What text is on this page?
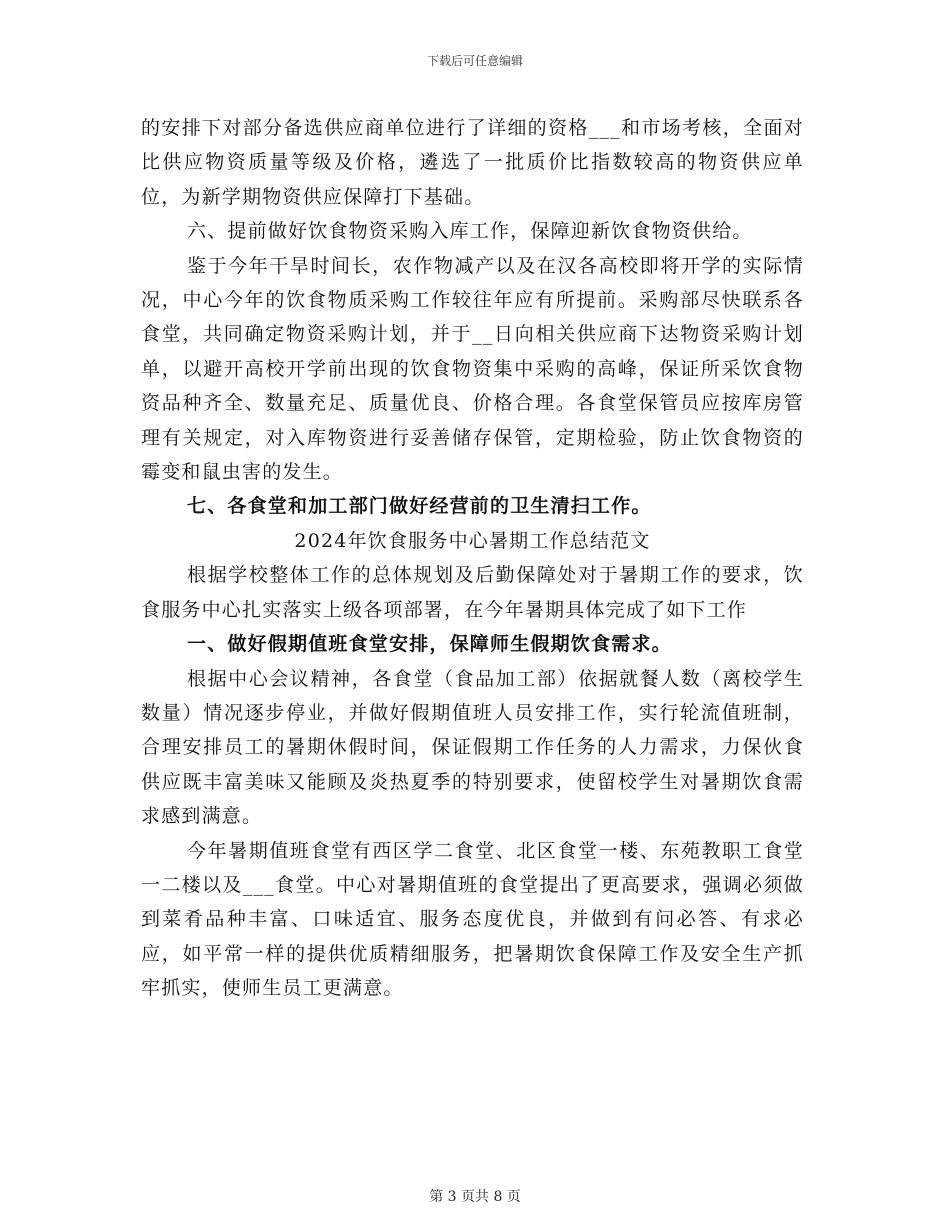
下载后可任意编辑

的安排下对部分备选供应商单位进行了详细的资格___和市场考核，全面对比供应物资质量等级及价格，遴选了一批质价比指数较高的物资供应单位，为新学期物资供应保障打下基础。

六、提前做好饮食物资采购入库工作，保障迎新饮食物资供给。

鉴于今年干旱时间长，农作物减产以及在汉各高校即将开学的实际情况，中心今年的饮食物质采购工作较往年应有所提前。采购部尽快联系各食堂，共同确定物资采购计划，并于__日向相关供应商下达物资采购计划单，以避开高校开学前出现的饮食物资集中采购的高峰，保证所采饮食物资品种齐全、数量充足、质量优良、价格合理。各食堂保管员应按库房管理有关规定，对入库物资进行妥善储存保管，定期检验，防止饮食物资的霉变和鼠虫害的发生。

七、各食堂和加工部门做好经营前的卫生清扫工作。

2024年饮食服务中心暑期工作总结范文

根据学校整体工作的总体规划及后勤保障处对于暑期工作的要求，饮食服务中心扎实落实上级各项部署，在今年暑期具体完成了如下工作

一、做好假期值班食堂安排，保障师生假期饮食需求。

根据中心会议精神，各食堂（食品加工部）依据就餐人数（离校学生数量）情况逐步停业，并做好假期值班人员安排工作，实行轮流值班制，合理安排员工的暑期休假时间，保证假期工作任务的人力需求，力保伙食供应既丰富美味又能顾及炎热夏季的特别要求，使留校学生对暑期饮食需求感到满意。

今年暑期值班食堂有西区学二食堂、北区食堂一楼、东苑教职工食堂一二楼以及___食堂。中心对暑期值班的食堂提出了更高要求，强调必须做到菜肴品种丰富、口味适宜、服务态度优良，并做到有问必答、有求必应，如平常一样的提供优质精细服务，把暑期饮食保障工作及安全生产抓牢抓实，使师生员工更满意。

第 3 页共 8 页
